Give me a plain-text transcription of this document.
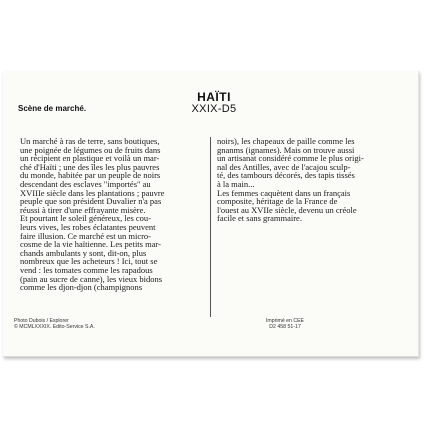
Scène de marché.
HAÏTI
XXIX-D5
Un marché à ras de terre, sans boutiques,
une poignée de légumes ou de fruits dans
un récipient en plastique et voilà un mar-
ché d'Haïti ; une des îles les plus pauvres
du monde, habitée par un peuple de noirs
descendant des esclaves "importés" au
XVIIIe siècle dans les plantations ; pauvre
peuple que son président Duvalier n'a pas
réussi à tirer d'une effrayante misère.
Et pourtant le soleil généreux, les cou-
leurs vives, les robes éclatantes peuvent
faire illusion. Ce marché est un micro-
cosme de la vie haïtienne. Les petits mar-
chands ambulants y sont, dit-on, plus
nombreux que les acheteurs ! Ici, tout se
vend : les tomates comme les rapadous
(pain au sucre de canne), les vieux bidons
comme les djon-djon (champignons
noirs), les chapeaux de paille comme les
gnanms (ignames). Mais on trouve aussi
un artisanat considéré comme le plus origi-
nal des Antilles, avec de l'acajou sculp-
té, des tambours décorés, des tapis tissés
à la main...
Les femmes caquètent dans un français
composite, héritage de la France de
l'ouest au XVIIe siècle, devenu un créole
facile et sans grammaire.
Photo Dubois / Explorer
© MCMLXXXIX. Edito-Service S.A.
Imprimé en CEE
D2 458 51-17
